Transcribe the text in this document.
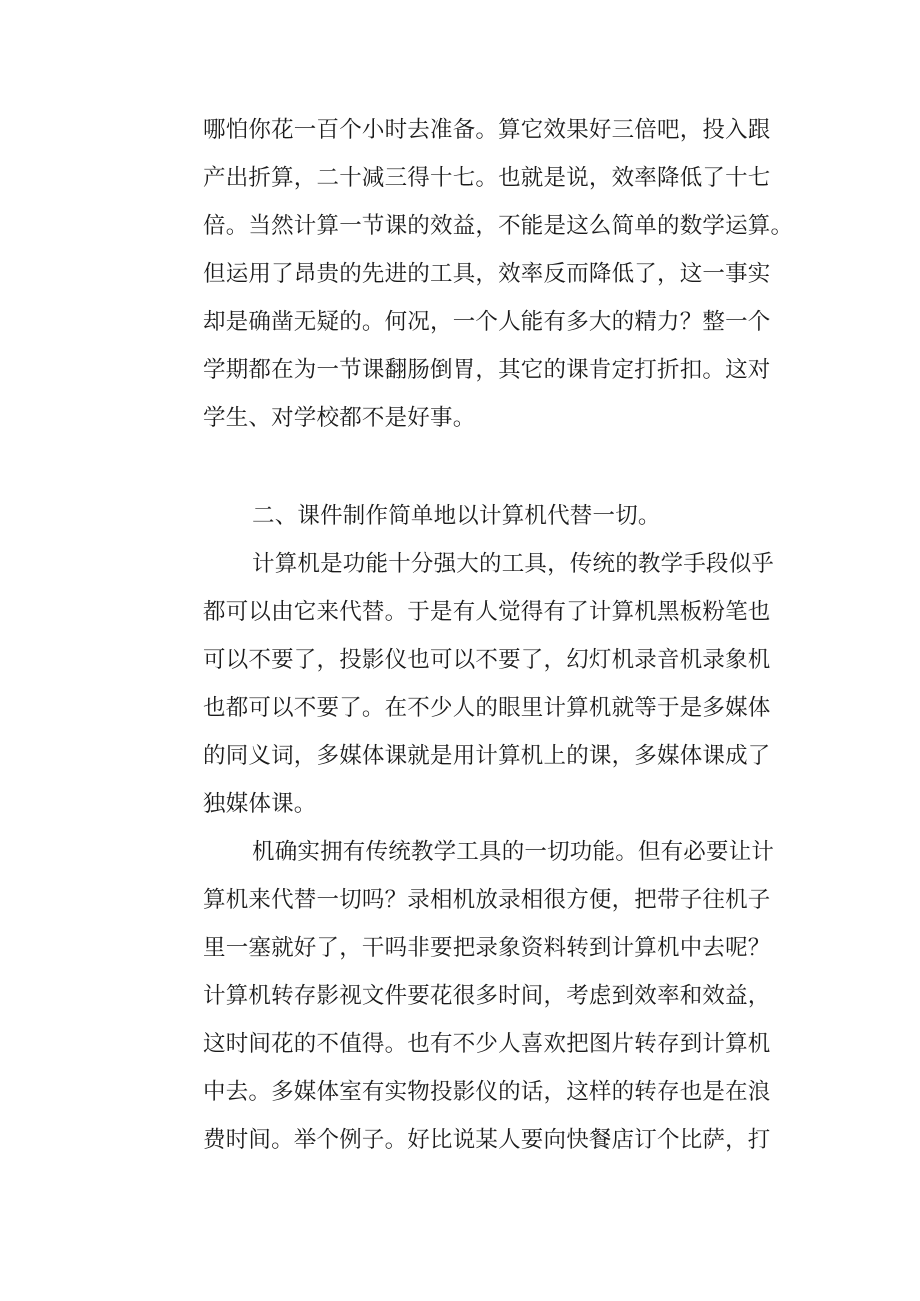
哪怕你花一百个小时去准备。算它效果好三倍吧，投入跟
产出折算，二十减三得十七。也就是说，效率降低了十七
倍。当然计算一节课的效益，不能是这么简单的数学运算。
但运用了昂贵的先进的工具，效率反而降低了，这一事实
却是确凿无疑的。何况，一个人能有多大的精力？整一个
学期都在为一节课翻肠倒胃，其它的课肯定打折扣。这对
学生、对学校都不是好事。
二、课件制作简单地以计算机代替一切。
计算机是功能十分强大的工具，传统的教学手段似乎
都可以由它来代替。于是有人觉得有了计算机黑板粉笔也
可以不要了，投影仪也可以不要了，幻灯机录音机录象机
也都可以不要了。在不少人的眼里计算机就等于是多媒体
的同义词，多媒体课就是用计算机上的课，多媒体课成了
独媒体课。
机确实拥有传统教学工具的一切功能。但有必要让计
算机来代替一切吗？录相机放录相很方便，把带子往机子
里一塞就好了，干吗非要把录象资料转到计算机中去呢？
计算机转存影视文件要花很多时间，考虑到效率和效益，
这时间花的不值得。也有不少人喜欢把图片转存到计算机
中去。多媒体室有实物投影仪的话，这样的转存也是在浪
费时间。举个例子。好比说某人要向快餐店订个比萨，打
